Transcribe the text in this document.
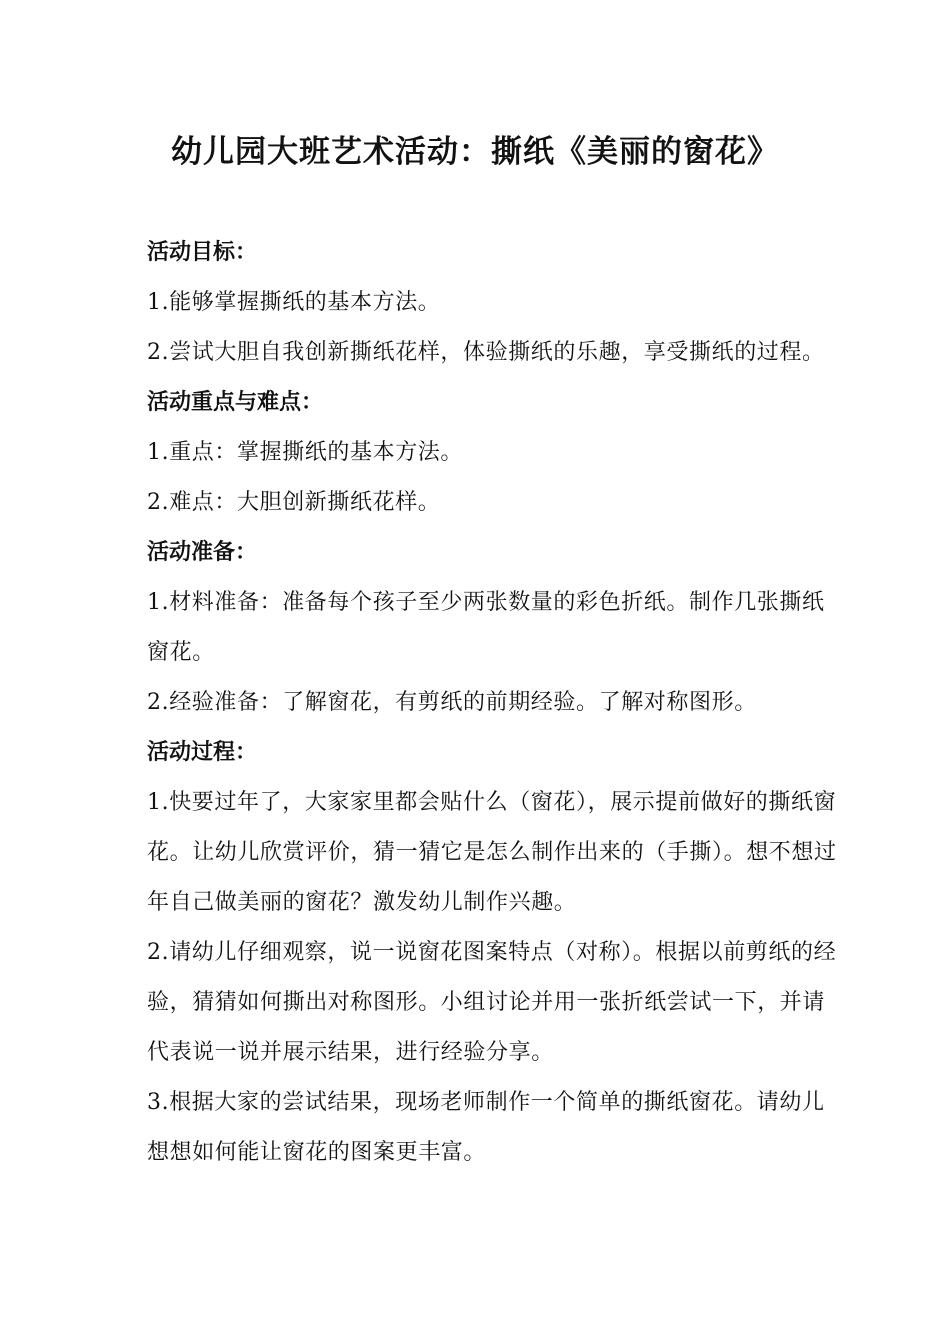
幼儿园大班艺术活动：撕纸《美丽的窗花》

活动目标：

1.能够掌握撕纸的基本方法。

2.尝试大胆自我创新撕纸花样，体验撕纸的乐趣，享受撕纸的过程。

活动重点与难点：

1.重点：掌握撕纸的基本方法。

2.难点：大胆创新撕纸花样。

活动准备：

1.材料准备：准备每个孩子至少两张数量的彩色折纸。制作几张撕纸窗花。

2.经验准备：了解窗花，有剪纸的前期经验。了解对称图形。

活动过程：

1.快要过年了，大家家里都会贴什么（窗花），展示提前做好的撕纸窗花。让幼儿欣赏评价，猜一猜它是怎么制作出来的（手撕）。想不想过年自己做美丽的窗花？激发幼儿制作兴趣。

2.请幼儿仔细观察，说一说窗花图案特点（对称）。根据以前剪纸的经验，猜猜如何撕出对称图形。小组讨论并用一张折纸尝试一下，并请代表说一说并展示结果，进行经验分享。

3.根据大家的尝试结果，现场老师制作一个简单的撕纸窗花。请幼儿想想如何能让窗花的图案更丰富。
